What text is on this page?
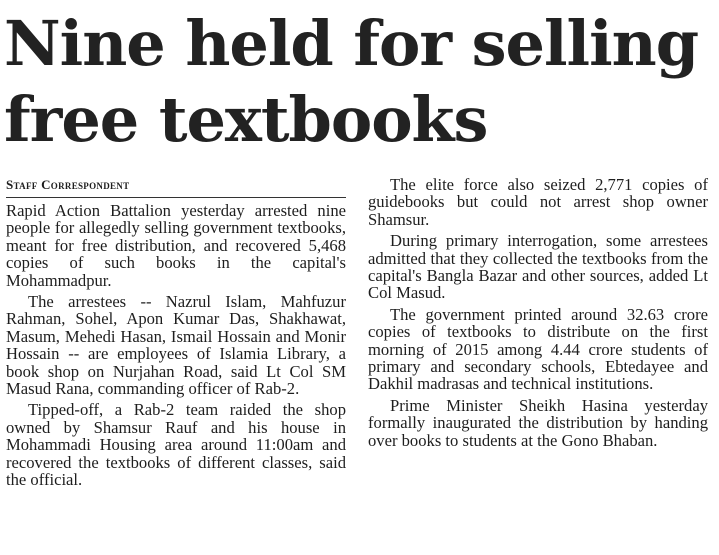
Nine held for selling
free textbooks
Staff Correspondent

Rapid Action Battalion yesterday arrested nine people for allegedly selling government textbooks, meant for free distribution, and recovered 5,468 copies of such books in the capital's Mohammadpur.

The arrestees -- Nazrul Islam, Mahfuzur Rahman, Sohel, Apon Kumar Das, Shakhawat, Masum, Mehedi Hasan, Ismail Hossain and Monir Hossain -- are employees of Islamia Library, a book shop on Nurjahan Road, said Lt Col SM Masud Rana, commanding officer of Rab-2.

Tipped-off, a Rab-2 team raided the shop owned by Shamsur Rauf and his house in Mohammadi Housing area around 11:00am and recovered the textbooks of different classes, said the official.

The elite force also seized 2,771 copies of guidebooks but could not arrest shop owner Shamsur.

During primary interrogation, some arrestees admitted that they collected the textbooks from the capital's Bangla Bazar and other sources, added Lt Col Masud.

The government printed around 32.63 crore copies of textbooks to distribute on the first morning of 2015 among 4.44 crore students of primary and secondary schools, Ebtedayee and Dakhil madrasas and technical institutions.

Prime Minister Sheikh Hasina yesterday formally inaugurated the distribution by handing over books to students at the Gono Bhaban.
